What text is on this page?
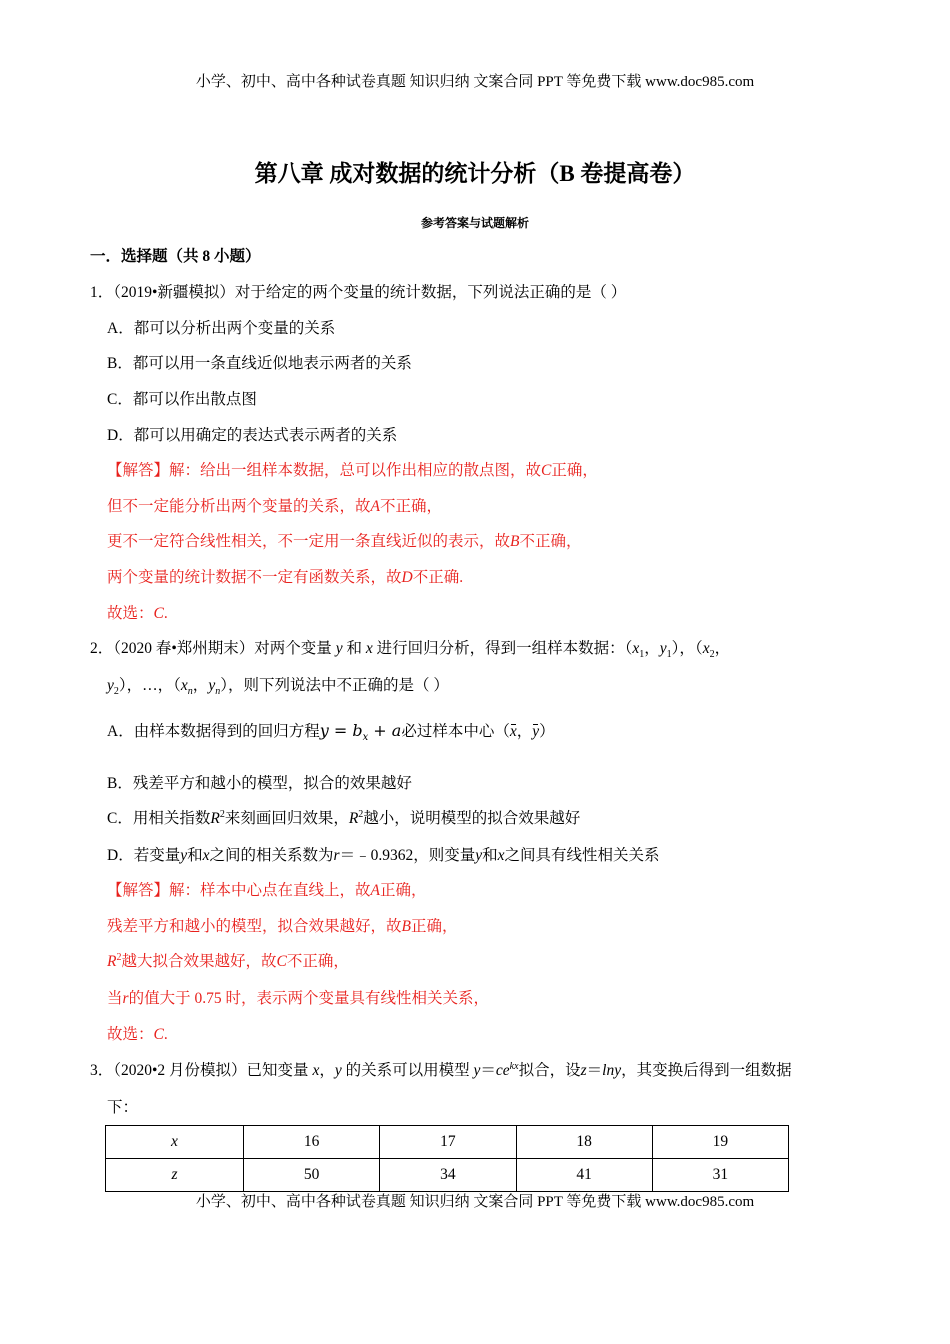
小学、初中、高中各种试卷真题 知识归纳 文案合同 PPT 等免费下载 www.doc985.com
第八章 成对数据的统计分析（B 卷提高卷）
参考答案与试题解析
一．选择题（共 8 小题）
1．（2019•新疆模拟）对于给定的两个变量的统计数据，下列说法正确的是（ ）
A．都可以分析出两个变量的关系
B．都可以用一条直线近似地表示两者的关系
C．都可以作出散点图
D．都可以用确定的表达式表示两者的关系
【解答】解：给出一组样本数据，总可以作出相应的散点图，故C正确，
但不一定能分析出两个变量的关系，故A不正确，
更不一定符合线性相关，不一定用一条直线近似的表示，故B不正确，
两个变量的统计数据不一定有函数关系，故D不正确.
故选：C.
2．（2020 春•郑州期末）对两个变量 y 和 x 进行回归分析，得到一组样本数据：（$x_1$，$y_1$），（$x_2$，
$y_2$），…，（$x_n$，$y_n$），则下列说法中不正确的是（ ）
A．由样本数据得到的回归方程$y = b_x + a$必过样本中心（x，y）
B．残差平方和越小的模型，拟合的效果越好
C．用相关指数$R^2$来刻画回归效果，$R^2$越小，说明模型的拟合效果越好
D．若变量y和x之间的相关系数为r＝﹣0.9362，则变量y和x之间具有线性相关关系
【解答】解：样本中心点在直线上，故A正确，
残差平方和越小的模型，拟合效果越好，故B正确，
$R^2$越大拟合效果越好，故C不正确，
当r的值大于 0.75 时，表示两个变量具有线性相关关系，
故选：C.
3．（2020•2 月份模拟）已知变量 x，y 的关系可以用模型 $y=ce^{kx}$拟合，设z＝lny，其变换后得到一组数据
下：
x	16	17	18	19
z	50	34	41	31
小学、初中、高中各种试卷真题 知识归纳 文案合同 PPT 等免费下载 www.doc985.com
